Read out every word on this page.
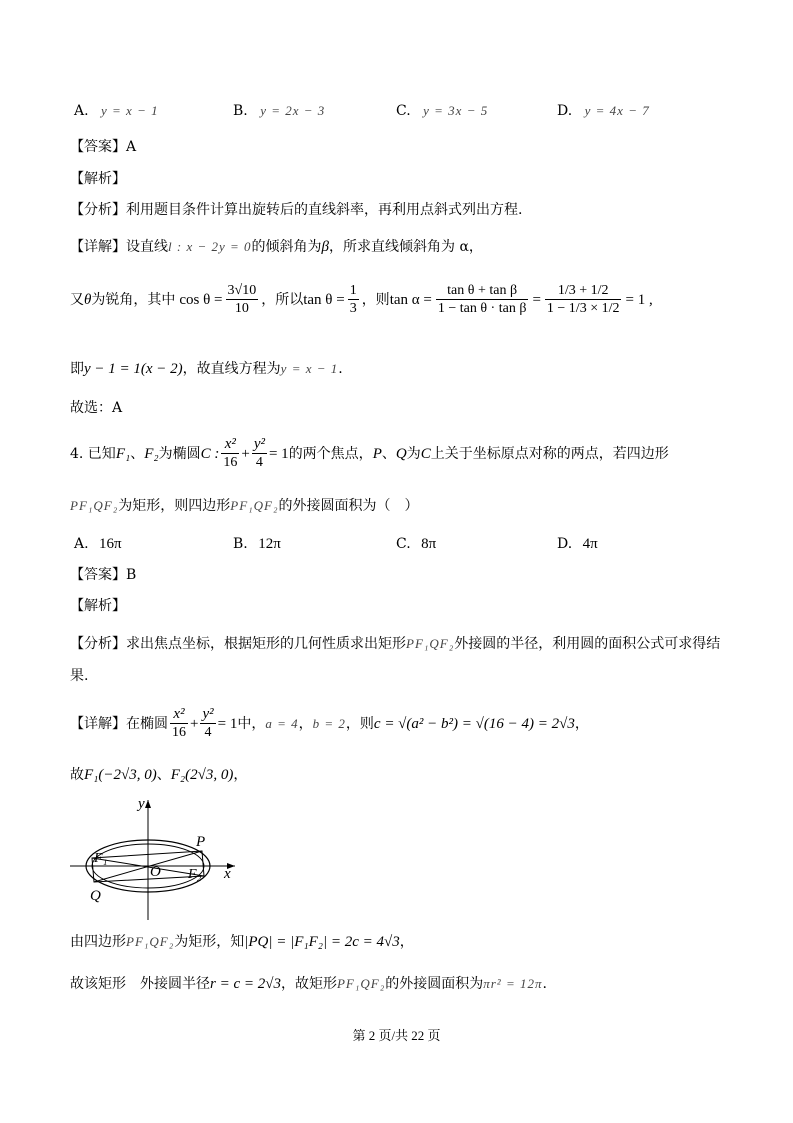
A. y = x − 1	B. y = 2x − 3	C. y = 3x − 5	D. y = 4x − 7
【答案】A
【解析】
【分析】利用题目条件计算出旋转后的直线斜率，再利用点斜式列出方程.
【详解】设直线l : x − 2y = 0的倾斜角为β，所求直线倾斜角为 α，
又 θ 为锐角，其中 $\cos \theta = \frac{3√10}{10}$ ，所以 $\tan \theta = \frac{1}{3}$ ，则 $\tan \alpha = \frac{\text{tan θ + tan β}}{\text{1 − tan θ · tan β}} = \frac{1/3 + 1/2}{1 - 1/3 \times 1/2} = 1$ ,
即y − 1 = 1(x − 2)，故直线方程为y = x − 1.
故选：A
4. 已知 F₁ 、 F₂ 为椭圆 C : $\frac{\text{x²}}{16} + \frac{\text{y²}}{4} = 1$ 的两个焦点， P 、 Q 为 C 上关于坐标原点对称的两点，若四边形
PF₁QF₂为矩形，则四边形PF₁QF₂的外接圆面积为（　）
A. 16π	B. 12π	C. 8π	D. 4π
【答案】B
【解析】
【分析】求出焦点坐标，根据矩形的几何性质求出矩形PF₁QF₂外接圆的半径，利用圆的面积公式可求得结
果.
【详解】在椭圆 $\frac{\text{x²}}{16} + \frac{\text{y²}}{4} = 1$ 中， a = 4 ， b = 2 ，则 c = √(a² − b²) = √(16 − 4) = 2√3 ，
故F₁(−2√3, 0)、F₂(2√3, 0)，
y
x
P
Q
O
F₁
F₂
由四边形PF₁QF₂为矩形，知|PQ| = |F₁F₂| = 2c = 4√3，
故该矩形　外接圆半径r = c = 2√3，故矩形PF₁QF₂的外接圆面积为πr² = 12π.
第 2 页/共 22 页
